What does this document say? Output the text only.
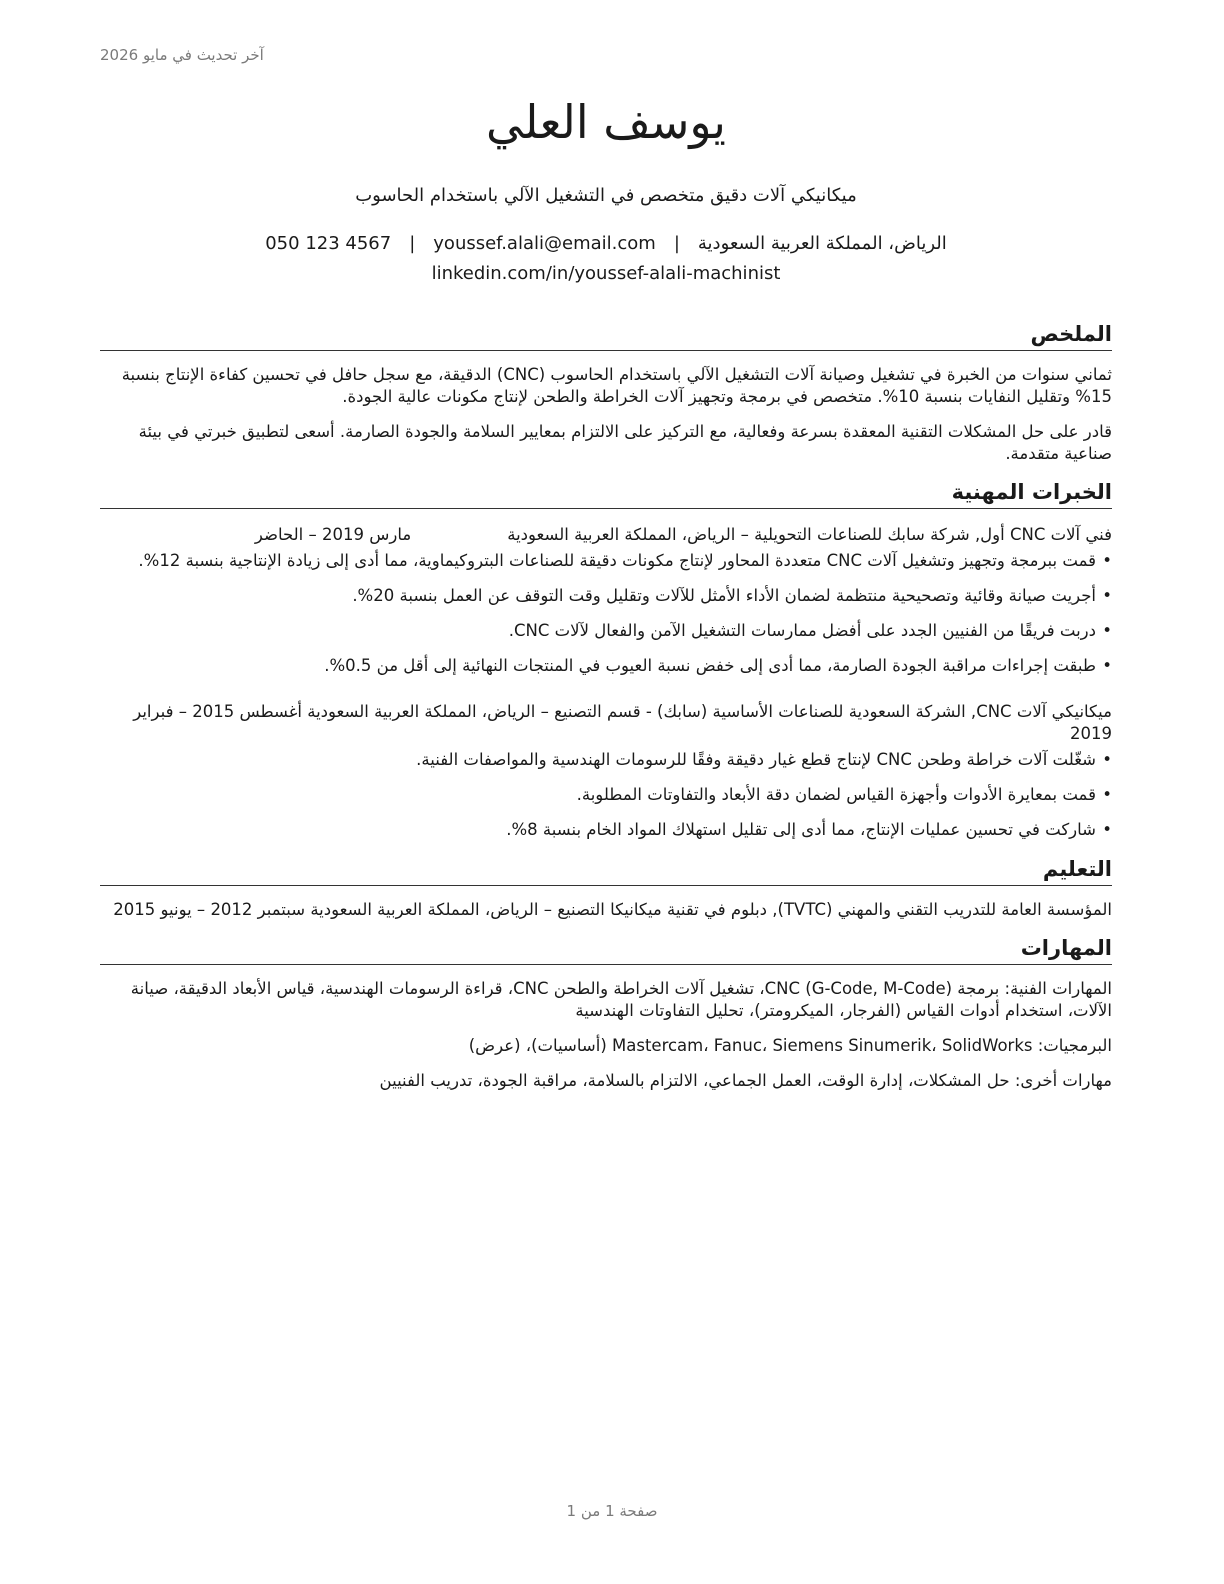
آخر تحديث في مايو 2026
يوسف العلي
ميكانيكي آلات دقيق متخصص في التشغيل الآلي باستخدام الحاسوب
الرياض، المملكة العربية السعودية
|
youssef.alali@email.com
|
050 123 4567
linkedin.com/in/youssef-alali-machinist
الملخص

ثماني سنوات من الخبرة في تشغيل وصيانة آلات التشغيل الآلي باستخدام الحاسوب (CNC) الدقيقة، مع سجل حافل في تحسين كفاءة الإنتاج بنسبة 15% وتقليل النفايات بنسبة 10%. متخصص في برمجة وتجهيز آلات الخراطة والطحن لإنتاج مكونات عالية الجودة.

قادر على حل المشكلات التقنية المعقدة بسرعة وفعالية، مع التركيز على الالتزام بمعايير السلامة والجودة الصارمة. أسعى لتطبيق خبرتي في بيئة صناعية متقدمة.

الخبرات المهنية
فني آلات CNC أول, شركة سابك للصناعات التحويلية – الرياض، المملكة العربية السعودية
مارس 2019 – الحاضر
• قمت ببرمجة وتجهيز وتشغيل آلات CNC متعددة المحاور لإنتاج مكونات دقيقة للصناعات البتروكيماوية، مما أدى إلى زيادة الإنتاجية بنسبة 12%.
• أجريت صيانة وقائية وتصحيحية منتظمة لضمان الأداء الأمثل للآلات وتقليل وقت التوقف عن العمل بنسبة 20%.
• دربت فريقًا من الفنيين الجدد على أفضل ممارسات التشغيل الآمن والفعال لآلات CNC.
• طبقت إجراءات مراقبة الجودة الصارمة، مما أدى إلى خفض نسبة العيوب في المنتجات النهائية إلى أقل من 0.5%.
ميكانيكي آلات CNC, الشركة السعودية للصناعات الأساسية (سابك) - قسم التصنيع – الرياض، المملكة العربية السعودية أغسطس 2015 – فبراير 2019
• شغّلت آلات خراطة وطحن CNC لإنتاج قطع غيار دقيقة وفقًا للرسومات الهندسية والمواصفات الفنية.
• قمت بمعايرة الأدوات وأجهزة القياس لضمان دقة الأبعاد والتفاوتات المطلوبة.
• شاركت في تحسين عمليات الإنتاج، مما أدى إلى تقليل استهلاك المواد الخام بنسبة 8%.
التعليم

المؤسسة العامة للتدريب التقني والمهني (TVTC), دبلوم في تقنية ميكانيكا التصنيع – الرياض، المملكة العربية السعودية سبتمبر 2012 – يونيو 2015

المهارات

المهارات الفنية: برمجة CNC (G-Code, M-Code)، تشغيل آلات الخراطة والطحن CNC، قراءة الرسومات الهندسية، قياس الأبعاد الدقيقة، صيانة الآلات، استخدام أدوات القياس (الفرجار، الميكرومتر)، تحليل التفاوتات الهندسية

البرمجيات: Mastercam، Fanuc، Siemens Sinumerik، SolidWorks (أساسيات)، (عرض)

مهارات أخرى: حل المشكلات، إدارة الوقت، العمل الجماعي، الالتزام بالسلامة، مراقبة الجودة، تدريب الفنيين

صفحة 1 من 1
